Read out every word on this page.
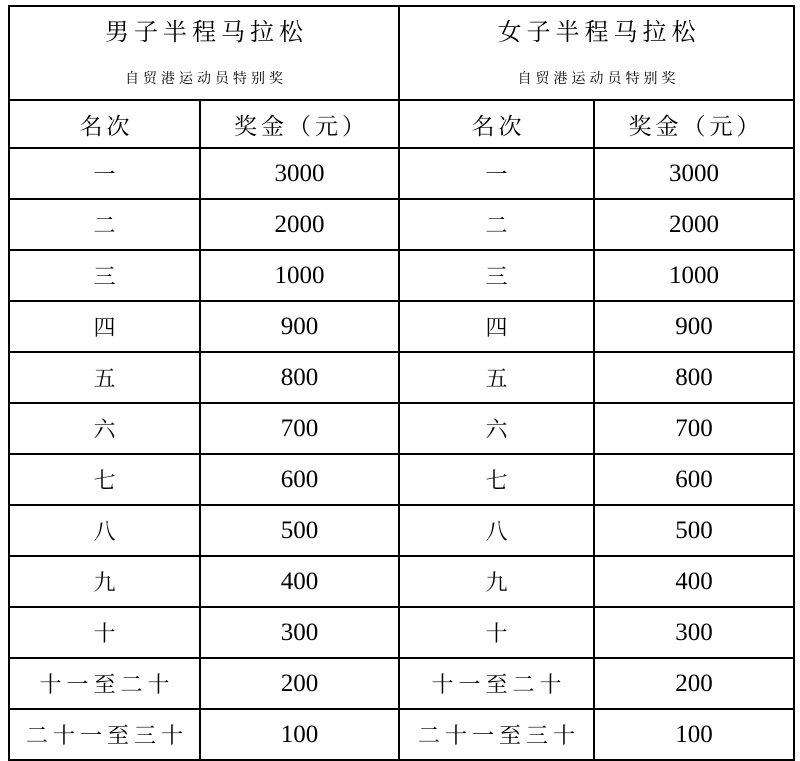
男子半程马拉松
自贸港运动员特别奖

女子半程马拉松
自贸港运动员特别奖

名次	奖金（元）	名次	奖金（元）
一	3000	一	3000
二	2000	二	2000
三	1000	三	1000
四	900	四	900
五	800	五	800
六	700	六	700
七	600	七	600
八	500	八	500
九	400	九	400
十	300	十	300
十一至二十	200	十一至二十	200
二十一至三十	100	二十一至三十	100
